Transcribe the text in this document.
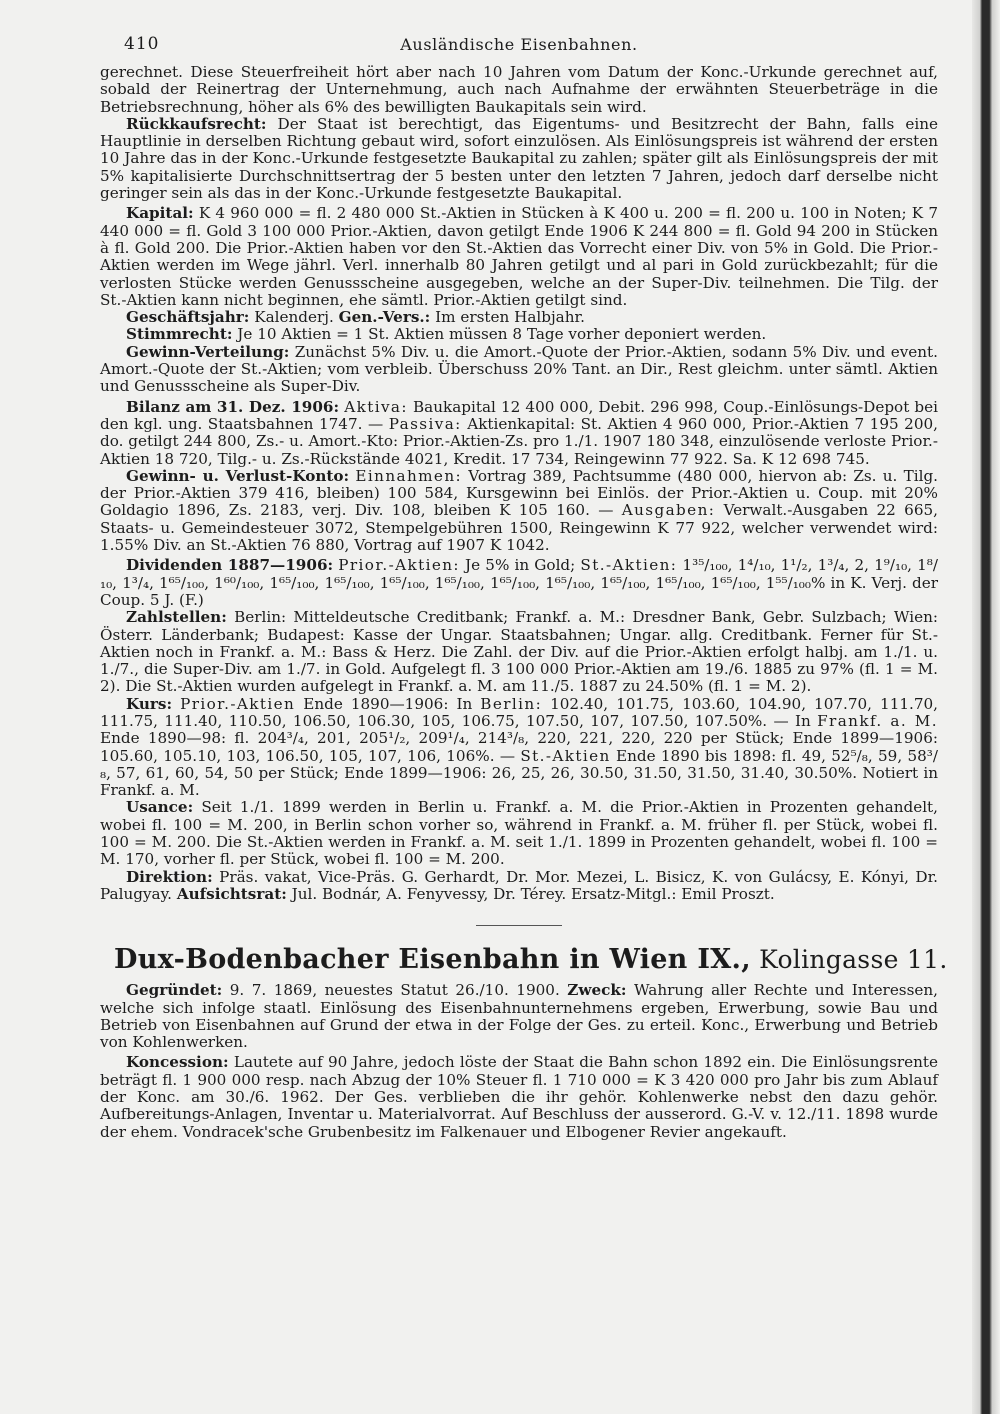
410	Ausländische Eisenbahnen.

gerechnet. Diese Steuerfreiheit hört aber nach 10 Jahren vom Datum der Konc.-Urkunde gerechnet auf, sobald der Reinertrag der Unternehmung, auch nach Aufnahme der erwähnten Steuerbeträge in die Betriebsrechnung, höher als 6% des bewilligten Baukapitals sein wird.

Rückkaufsrecht: Der Staat ist berechtigt, das Eigentums- und Besitzrecht der Bahn, falls eine Hauptlinie in derselben Richtung gebaut wird, sofort einzulösen. Als Einlösungspreis ist während der ersten 10 Jahre das in der Konc.-Urkunde festgesetzte Baukapital zu zahlen; später gilt als Einlösungspreis der mit 5% kapitalisierte Durchschnittsertrag der 5 besten unter den letzten 7 Jahren, jedoch darf derselbe nicht geringer sein als das in der Konc.-Urkunde festgesetzte Baukapital.

Kapital: K 4 960 000 = fl. 2 480 000 St.-Aktien in Stücken à K 400 u. 200 = fl. 200 u. 100 in Noten; K 7 440 000 = fl. Gold 3 100 000 Prior.-Aktien, davon getilgt Ende 1906 K 244 800 = fl. Gold 94 200 in Stücken à fl. Gold 200. Die Prior.-Aktien haben vor den St.-Aktien das Vorrecht einer Div. von 5% in Gold. Die Prior.-Aktien werden im Wege jährl. Verl. innerhalb 80 Jahren getilgt und al pari in Gold zurückbezahlt; für die verlosten Stücke werden Genussscheine ausgegeben, welche an der Super-Div. teilnehmen. Die Tilg. der St.-Aktien kann nicht beginnen, ehe sämtl. Prior.-Aktien getilgt sind.

Geschäftsjahr: Kalenderj. Gen.-Vers.: Im ersten Halbjahr.

Stimmrecht: Je 10 Aktien = 1 St. Aktien müssen 8 Tage vorher deponiert werden.

Gewinn-Verteilung: Zunächst 5% Div. u. die Amort.-Quote der Prior.-Aktien, sodann 5% Div. und event. Amort.-Quote der St.-Aktien; vom verbleib. Überschuss 20% Tant. an Dir., Rest gleichm. unter sämtl. Aktien und Genussscheine als Super-Div.

Bilanz am 31. Dez. 1906: Aktiva: Baukapital 12 400 000, Debit. 296 998, Coup.-Einlösungs-Depot bei den kgl. ung. Staatsbahnen 1747. — Passiva: Aktienkapital: St. Aktien 4 960 000, Prior.-Aktien 7 195 200, do. getilgt 244 800, Zs.- u. Amort.-Kto: Prior.-Aktien-Zs. pro 1./1. 1907 180 348, einzulösende verloste Prior.-Aktien 18 720, Tilg.- u. Zs.-Rückstände 4021, Kredit. 17 734, Reingewinn 77 922. Sa. K 12 698 745.

Gewinn- u. Verlust-Konto: Einnahmen: Vortrag 389, Pachtsumme (480 000, hiervon ab: Zs. u. Tilg. der Prior.-Aktien 379 416, bleiben) 100 584, Kursgewinn bei Einlös. der Prior.-Aktien u. Coup. mit 20% Goldagio 1896, Zs. 2183, verj. Div. 108, bleiben K 105 160. — Ausgaben: Verwalt.-Ausgaben 22 665, Staats- u. Gemeindesteuer 3072, Stempelgebühren 1500, Reingewinn K 77 922, welcher verwendet wird: 1.55% Div. an St.-Aktien 76 880, Vortrag auf 1907 K 1042.

Dividenden 1887—1906: Prior.-Aktien: Je 5% in Gold; St.-Aktien: 1³⁵/₁₀₀, 1⁴/₁₀, 1¹/₂, 1³/₄, 2, 1⁹/₁₀, 1⁸/₁₀, 1³/₄, 1⁶⁵/₁₀₀, 1⁶⁰/₁₀₀, 1⁶⁵/₁₀₀, 1⁶⁵/₁₀₀, 1⁶⁵/₁₀₀, 1⁶⁵/₁₀₀, 1⁶⁵/₁₀₀, 1⁶⁵/₁₀₀, 1⁶⁵/₁₀₀, 1⁶⁵/₁₀₀, 1⁶⁵/₁₀₀, 1⁵⁵/₁₀₀% in K. Verj. der Coup. 5 J. (F.)

Zahlstellen: Berlin: Mitteldeutsche Creditbank; Frankf. a. M.: Dresdner Bank, Gebr. Sulzbach; Wien: Österr. Länderbank; Budapest: Kasse der Ungar. Staatsbahnen; Ungar. allg. Creditbank. Ferner für St.-Aktien noch in Frankf. a. M.: Bass & Herz. Die Zahl. der Div. auf die Prior.-Aktien erfolgt halbj. am 1./1. u. 1./7., die Super-Div. am 1./7. in Gold. Aufgelegt fl. 3 100 000 Prior.-Aktien am 19./6. 1885 zu 97% (fl. 1 = M. 2). Die St.-Aktien wurden aufgelegt in Frankf. a. M. am 11./5. 1887 zu 24.50% (fl. 1 = M. 2).

Kurs: Prior.-Aktien Ende 1890—1906: In Berlin: 102.40, 101.75, 103.60, 104.90, 107.70, 111.70, 111.75, 111.40, 110.50, 106.50, 106.30, 105, 106.75, 107.50, 107, 107.50, 107.50%. — In Frankf. a. M. Ende 1890—98: fl. 204³/₄, 201, 205¹/₂, 209¹/₄, 214³/₈, 220, 221, 220, 220 per Stück; Ende 1899—1906: 105.60, 105.10, 103, 106.50, 105, 107, 106, 106%. — St.-Aktien Ende 1890 bis 1898: fl. 49, 52⁵/₈, 59, 58³/₈, 57, 61, 60, 54, 50 per Stück; Ende 1899—1906: 26, 25, 26, 30.50, 31.50, 31.50, 31.40, 30.50%. Notiert in Frankf. a. M.

Usance: Seit 1./1. 1899 werden in Berlin u. Frankf. a. M. die Prior.-Aktien in Prozenten gehandelt, wobei fl. 100 = M. 200, in Berlin schon vorher so, während in Frankf. a. M. früher fl. per Stück, wobei fl. 100 = M. 200. Die St.-Aktien werden in Frankf. a. M. seit 1./1. 1899 in Prozenten gehandelt, wobei fl. 100 = M. 170, vorher fl. per Stück, wobei fl. 100 = M. 200.

Direktion: Präs. vakat, Vice-Präs. G. Gerhardt, Dr. Mor. Mezei, L. Bisicz, K. von Gulácsy, E. Kónyi, Dr. Palugyay. Aufsichtsrat: Jul. Bodnár, A. Fenyvessy, Dr. Térey. Ersatz-Mitgl.: Emil Proszt.

Dux-Bodenbacher Eisenbahn in Wien IX., Kolingasse 11.

Gegründet: 9. 7. 1869, neuestes Statut 26./10. 1900. Zweck: Wahrung aller Rechte und Interessen, welche sich infolge staatl. Einlösung des Eisenbahnunternehmens ergeben, Erwerbung, sowie Bau und Betrieb von Eisenbahnen auf Grund der etwa in der Folge der Ges. zu erteil. Konc., Erwerbung und Betrieb von Kohlenwerken.

Koncession: Lautete auf 90 Jahre, jedoch löste der Staat die Bahn schon 1892 ein. Die Einlösungsrente beträgt fl. 1 900 000 resp. nach Abzug der 10% Steuer fl. 1 710 000 = K 3 420 000 pro Jahr bis zum Ablauf der Konc. am 30./6. 1962. Der Ges. verblieben die ihr gehör. Kohlenwerke nebst den dazu gehör. Aufbereitungs-Anlagen, Inventar u. Materialvorrat. Auf Beschluss der ausserord. G.-V. v. 12./11. 1898 wurde der ehem. Vondracek'sche Grubenbesitz im Falkenauer und Elbogener Revier angekauft.
